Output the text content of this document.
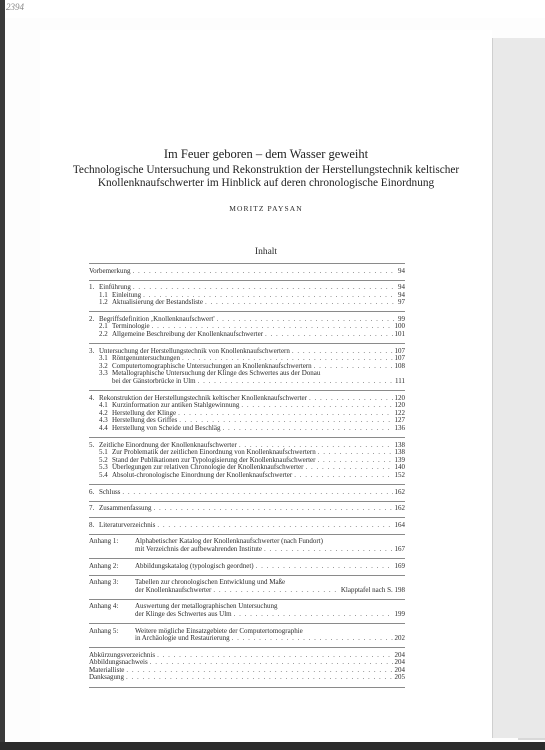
2394
Im Feuer geboren – dem Wasser geweiht
Technologische Untersuchung und Rekonstruktion der Herstellungstechnik keltischer Knollenknaufschwerter im Hinblick auf deren chronologische Einordnung
MORITZ PAYSAN
Inhalt
Vorbemerkung . . .	94
1. Einführung . . .	94
1.1 Einleitung . . .	94
1.2 Aktualisierung der Bestandsliste . . .	97
2. Begriffsdefinition ‚Knollenknaufschwert' . . .	99
2.1 Terminologie . . .	100
2.2 Allgemeine Beschreibung der Knollenknaufschwerter . . .	101
3. Untersuchung der Herstellungstechnik von Knollenknaufschwertern . . .	107
3.1 Röntgenuntersuchungen . . .	107
3.2 Computertomographische Untersuchungen an Knollenknaufschwertern . . .	108
3.3 Metallographische Untersuchung der Klinge des Schwertes aus der Donau
bei der Gänstorbrücke in Ulm . . .	111
4. Rekonstruktion der Herstellungstechnik keltischer Knollenknaufschwerter . . .	120
4.1 Kurzinformation zur antiken Stahlgewinnung . . .	120
4.2 Herstellung der Klinge . . .	122
4.3 Herstellung des Griffes . . .	127
4.4 Herstellung von Scheide und Beschläg . . .	136
5. Zeitliche Einordnung der Knollenknaufschwerter . . .	138
5.1 Zur Problematik der zeitlichen Einordnung von Knollenknaufschwertern . . .	138
5.2 Stand der Publikationen zur Typologisierung der Knollenknaufschwerter . . .	139
5.3 Überlegungen zur relativen Chronologie der Knollenknaufschwerter . . .	140
5.4 Absolut-chronologische Einordnung der Knollenknaufschwerter . . .	152
6. Schluss . . .	162
7. Zusammenfassung . . .	162
8. Literaturverzeichnis . . .	164
Anhang 1:	Alphabetischer Katalog der Knollenknaufschwerter (nach Fundort)
mit Verzeichnis der aufbewahrenden Institute . . .	167
Anhang 2:	Abbildungskatalog (typologisch geordnet) . . .	169
Anhang 3:	Tabellen zur chronologischen Entwicklung und Maße
der Knollenknaufschwerter . . .	Klapptafel nach S. 198
Anhang 4:	Auswertung der metallographischen Untersuchung
der Klinge des Schwertes aus Ulm . . .	199
Anhang 5:	Weitere mögliche Einsatzgebiete der Computertomographie
in Archäologie und Restaurierung . . .	202
Abkürzungsverzeichnis . . .	204
Abbildungsnachweis . . .	204
Materialliste . . .	204
Danksagung . . .	205
